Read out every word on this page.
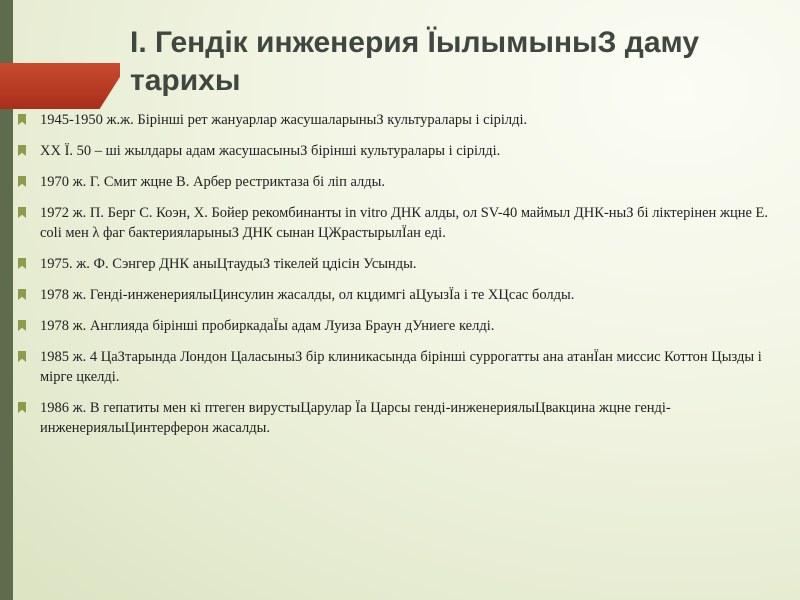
І. Гендік инженерия ЇылымыныЗ даму тарихы
1945-1950 ж.ж. Бірінші рет жануарлар жасушаларыныЗ культуралары і сірілді.
ХХ Ї. 50 – ші жылдары адам жасушасыныЗ бірінші культуралары і сірілді.
1970 ж. Г. Смит жцне В. Арбер рестриктаза бі ліп алды.
1972 ж. П. Берг С. Коэн, Х. Бойер рекомбинанты in vitro ДНК алды, ол SV-40 маймыл ДНК-ныЗ бі ліктерінен жцне E. coli мен λ фаг бактерияларыныЗ ДНК сынан ЦЖрастырылЇан еді.
1975. ж. Ф. Сэнгер ДНК аныЦтаудыЗ тікелей цдісін Усынды.
1978 ж. Генді-инженериялыЦинсулин жасалды, ол кцдимгі аЦуызЇа і те ХЦсас болды.
1978 ж. Англияда бірінші пробиркадаЇы адам Луиза Браун дУниеге келді.
1985 ж. 4 ЦаЗтарында Лондон ЦаласыныЗ бір клиникасында бірінші суррогатты ана атанЇан миссис Коттон Цызды і мірге цкелді.
1986 ж. В гепатиты мен кі птеген вирустыЦарулар Їа Царсы генді-инженериялыЦвакцина жцне генді-инженериялыЦинтерферон жасалды.
